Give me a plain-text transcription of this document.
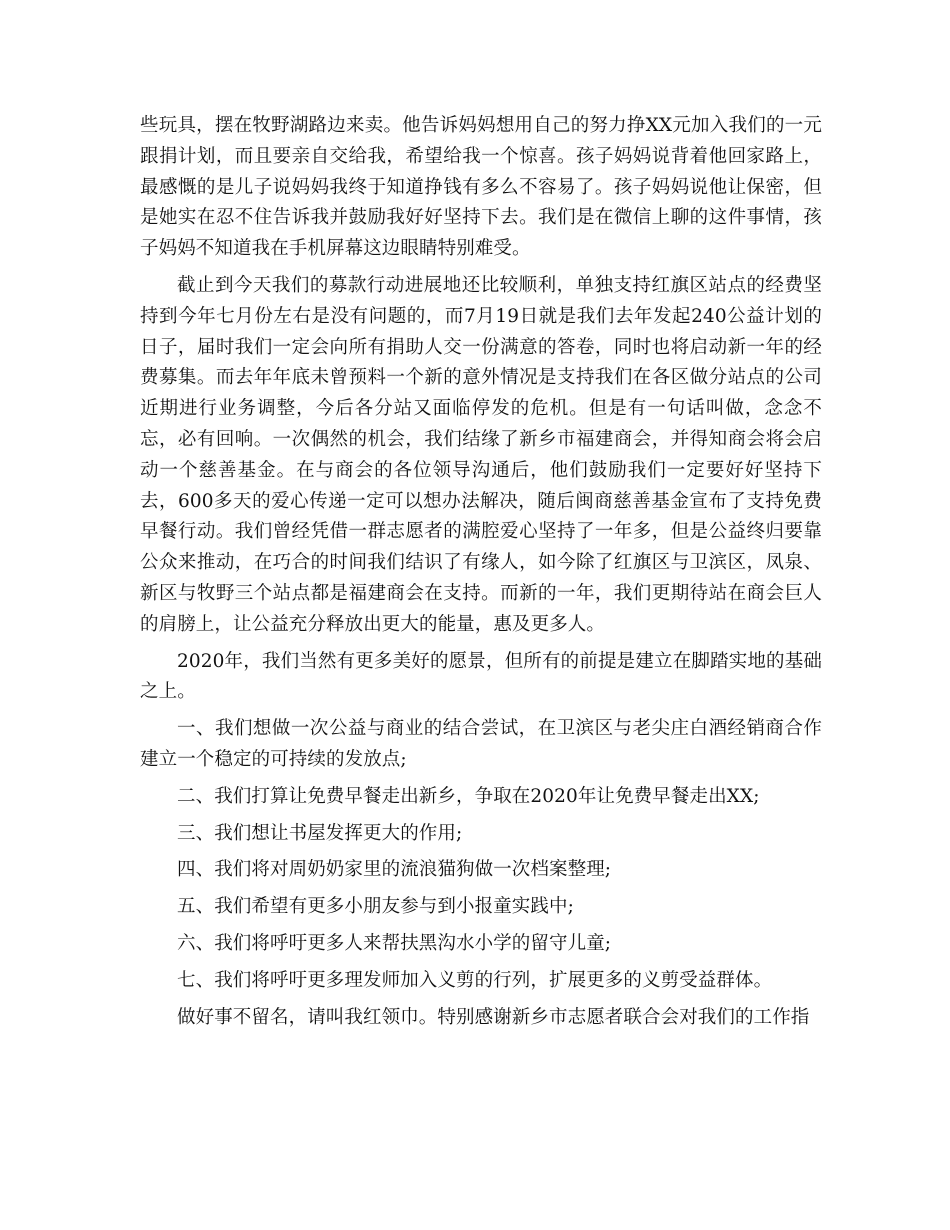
些玩具，摆在牧野湖路边来卖。他告诉妈妈想用自己的努力挣XX元加入我们的一元跟捐计划，而且要亲自交给我，希望给我一个惊喜。孩子妈妈说背着他回家路上，最感慨的是儿子说妈妈我终于知道挣钱有多么不容易了。孩子妈妈说他让保密，但是她实在忍不住告诉我并鼓励我好好坚持下去。我们是在微信上聊的这件事情，孩子妈妈不知道我在手机屏幕这边眼睛特别难受。

截止到今天我们的募款行动进展地还比较顺利，单独支持红旗区站点的经费坚持到今年七月份左右是没有问题的，而7月19日就是我们去年发起240公益计划的日子，届时我们一定会向所有捐助人交一份满意的答卷，同时也将启动新一年的经费募集。而去年年底未曾预料一个新的意外情况是支持我们在各区做分站点的公司近期进行业务调整，今后各分站又面临停发的危机。但是有一句话叫做，念念不忘，必有回响。一次偶然的机会，我们结缘了新乡市福建商会，并得知商会将会启动一个慈善基金。在与商会的各位领导沟通后，他们鼓励我们一定要好好坚持下去，600多天的爱心传递一定可以想办法解决，随后闽商慈善基金宣布了支持免费早餐行动。我们曾经凭借一群志愿者的满腔爱心坚持了一年多，但是公益终归要靠公众来推动，在巧合的时间我们结识了有缘人，如今除了红旗区与卫滨区，凤泉、新区与牧野三个站点都是福建商会在支持。而新的一年，我们更期待站在商会巨人的肩膀上，让公益充分释放出更大的能量，惠及更多人。

2020年，我们当然有更多美好的愿景，但所有的前提是建立在脚踏实地的基础之上。

一、我们想做一次公益与商业的结合尝试，在卫滨区与老尖庄白酒经销商合作建立一个稳定的可持续的发放点;

二、我们打算让免费早餐走出新乡，争取在2020年让免费早餐走出XX;

三、我们想让书屋发挥更大的作用;

四、我们将对周奶奶家里的流浪猫狗做一次档案整理;

五、我们希望有更多小朋友参与到小报童实践中;

六、我们将呼吁更多人来帮扶黑沟水小学的留守儿童;

七、我们将呼吁更多理发师加入义剪的行列，扩展更多的义剪受益群体。

做好事不留名，请叫我红领巾。特别感谢新乡市志愿者联合会对我们的工作指
